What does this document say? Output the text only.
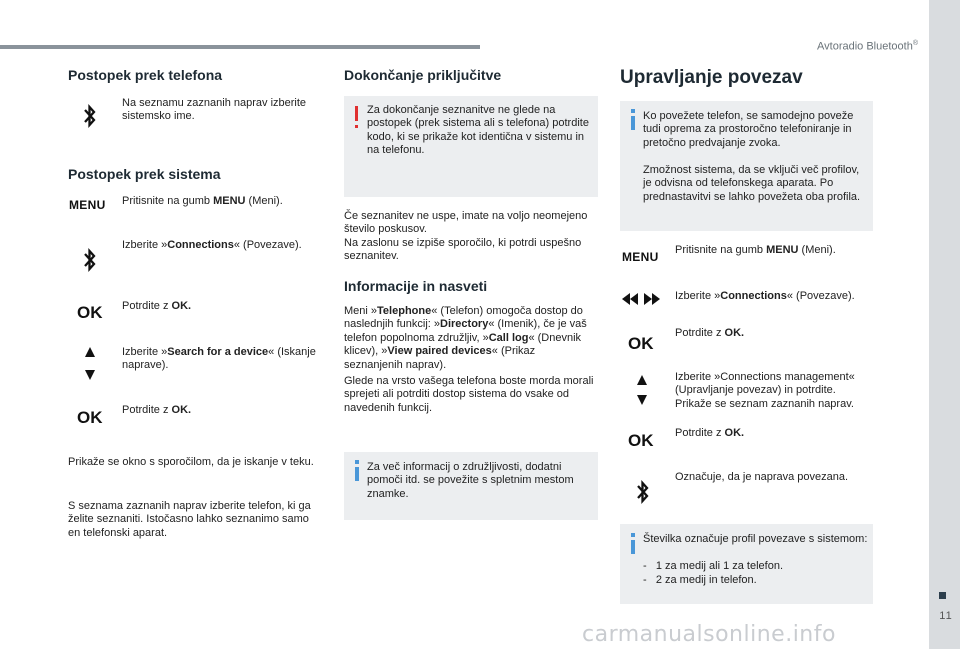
Avtoradio Bluetooth®
11
carmanualsonline.info
Postopek prek telefona

Na seznamu zaznanih naprav izberite sistemsko ime.

Postopek prek sistema
MENU Pritisnite na gumb MENU (Meni).

Izberite »Connections« (Povezave).

OK Potrdite z OK.

Izberite »Search for a device« (Iskanje naprave).

OK Potrdite z OK.

Prikaže se okno s sporočilom, da je iskanje v teku.

S seznama zaznanih naprav izberite telefon, ki ga želite seznaniti. Istočasno lahko seznanimo samo en telefonski aparat.

Dokončanje priključitve

Za dokončanje seznanitve ne glede na postopek (prek sistema ali s telefona) potrdite kodo, ki se prikaže kot identična v sistemu in na telefonu.

Če seznanitev ne uspe, imate na voljo neomejeno število poskusov.

Na zaslonu se izpiše sporočilo, ki potrdi uspešno seznanitev.

Informacije in nasveti

Meni »Telephone« (Telefon) omogoča dostop do naslednjih funkcij: »Directory« (Imenik), če je vaš telefon popolnoma združljiv, »Call log« (Dnevnik klicev), »View paired devices« (Prikaz seznanjenih naprav).

Glede na vrsto vašega telefona boste morda morali sprejeti ali potrditi dostop sistema do vsake od navedenih funkcij.

Za več informacij o združljivosti, dodatni pomoči itd. se povežite s spletnim mestom znamke.

Upravljanje povezav

Ko povežete telefon, se samodejno poveže tudi oprema za prostoročno telefoniranje in pretočno predvajanje zvoka.

Zmožnost sistema, da se vključi več profilov, je odvisna od telefonskega aparata. Po prednastavitvi se lahko povežeta oba profila.

MENU Pritisnite na gumb MENU (Meni).

Izberite »Connections« (Povezave).

OK

Potrdite z OK.

Izberite »Connections management« (Upravljanje povezav) in potrdite. Prikaže se seznam zaznanih naprav.

OK Potrdite z OK.

Označuje, da je naprava povezana.

Številka označuje profil povezave s sistemom:

-   1 za medij ali 1 za telefon.

-   2 za medij in telefon.
